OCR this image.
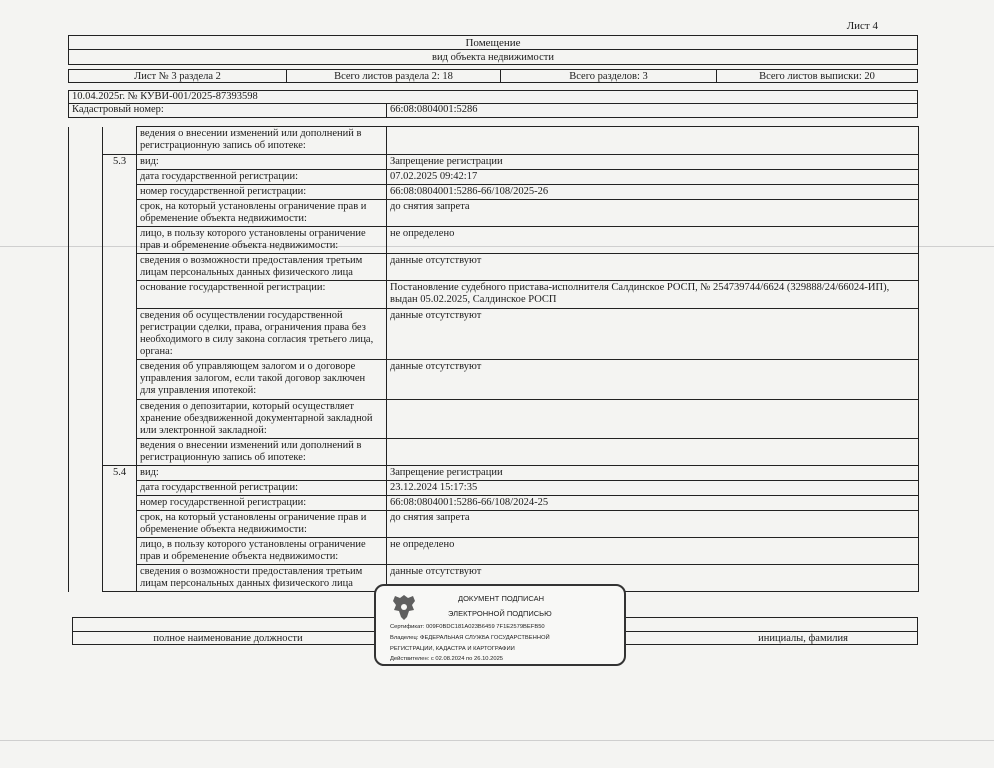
Лист 4
Помещение
вид объекта недвижимости
Лист № 3 раздела 2	Всего листов раздела 2: 18	Всего разделов: 3	Всего листов выписки: 20
10.04.2025г. № КУВИ-001/2025-87393598
Кадастровый номер:	66:08:0804001:5286
		ведения о внесении изменений или дополнений в регистрационную запись об ипотеке:	
	5.3	вид:	Запрещение регистрации
		дата государственной регистрации:	07.02.2025 09:42:17
		номер государственной регистрации:	66:08:0804001:5286-66/108/2025-26
		срок, на который установлены ограничение прав и обременение объекта недвижимости:	до снятия запрета
		лицо, в пользу которого установлены ограничение прав и обременение объекта недвижимости:	не определено
		сведения о возможности предоставления третьим лицам персональных данных физического лица	данные отсутствуют
		основание государственной регистрации:	Постановление судебного пристава-исполнителя Салдинское РОСП, № 254739744/6624 (329888/24/66024-ИП), выдан 05.02.2025, Салдинское РОСП
		сведения об осуществлении государственной регистрации сделки, права, ограничения права без необходимого в силу закона согласия третьего лица, органа:	данные отсутствуют
		сведения об управляющем залогом и о договоре управления залогом, если такой договор заключен для управления ипотекой:	данные отсутствуют
		сведения о депозитарии, который осуществляет хранение обездвиженной документарной закладной или электронной закладной:	
		ведения о внесении изменений или дополнений в регистрационную запись об ипотеке:	
	5.4	вид:	Запрещение регистрации
		дата государственной регистрации:	23.12.2024 15:17:35
		номер государственной регистрации:	66:08:0804001:5286-66/108/2024-25
		срок, на который установлены ограничение прав и обременение объекта недвижимости:	до снятия запрета
		лицо, в пользу которого установлены ограничение прав и обременение объекта недвижимости:	не определено
		сведения о возможности предоставления третьим лицам персональных данных физического лица	данные отсутствуют
полное наименование должности	инициалы, фамилия
ДОКУМЕНТ ПОДПИСАН
ЭЛЕКТРОННОЙ ПОДПИСЬЮ
Сертификат: 009F0BDC181A023B6459 7F1E2579BEFB50
Владелец: ФЕДЕРАЛЬНАЯ СЛУЖБА ГОСУДАРСТВЕННОЙ
РЕГИСТРАЦИИ, КАДАСТРА И КАРТОГРАФИИ
Действителен: с 02.08.2024 по 26.10.2025
